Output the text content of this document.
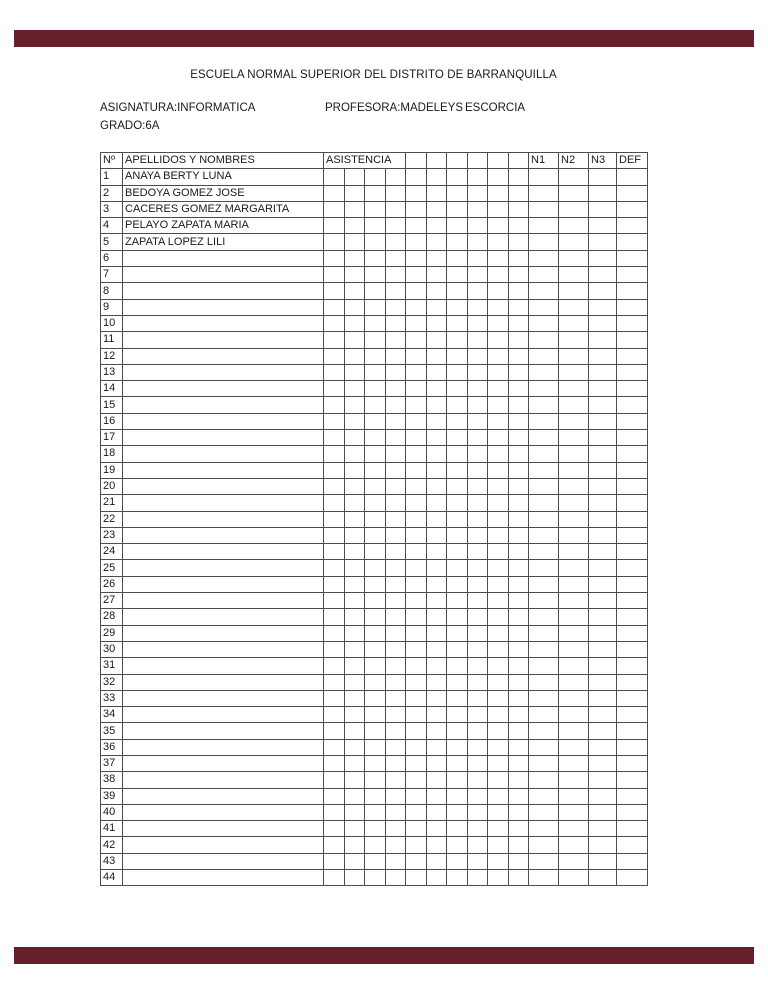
ESCUELA NORMAL SUPERIOR DEL DISTRITO DE BARRANQUILLA
ASIGNATURA:INFORMATICA	PROFESORA:MADELEYS ESCORCIA
GRADO:6A
Nº	APELLIDOS Y NOMBRES	ASISTENCIA										N1	N2	N3	DEF
1	ANAYA BERTY LUNA														
2	BEDOYA GOMEZ JOSE														
3	CACERES GOMEZ MARGARITA														
4	PELAYO ZAPATA MARIA														
5	ZAPATA LOPEZ LILI														
6															
7															
8															
9															
10															
11															
12															
13															
14															
15															
16															
17															
18															
19															
20															
21															
22															
23															
24															
25															
26															
27															
28															
29															
30															
31															
32															
33															
34															
35															
36															
37															
38															
39															
40															
41															
42															
43															
44															
